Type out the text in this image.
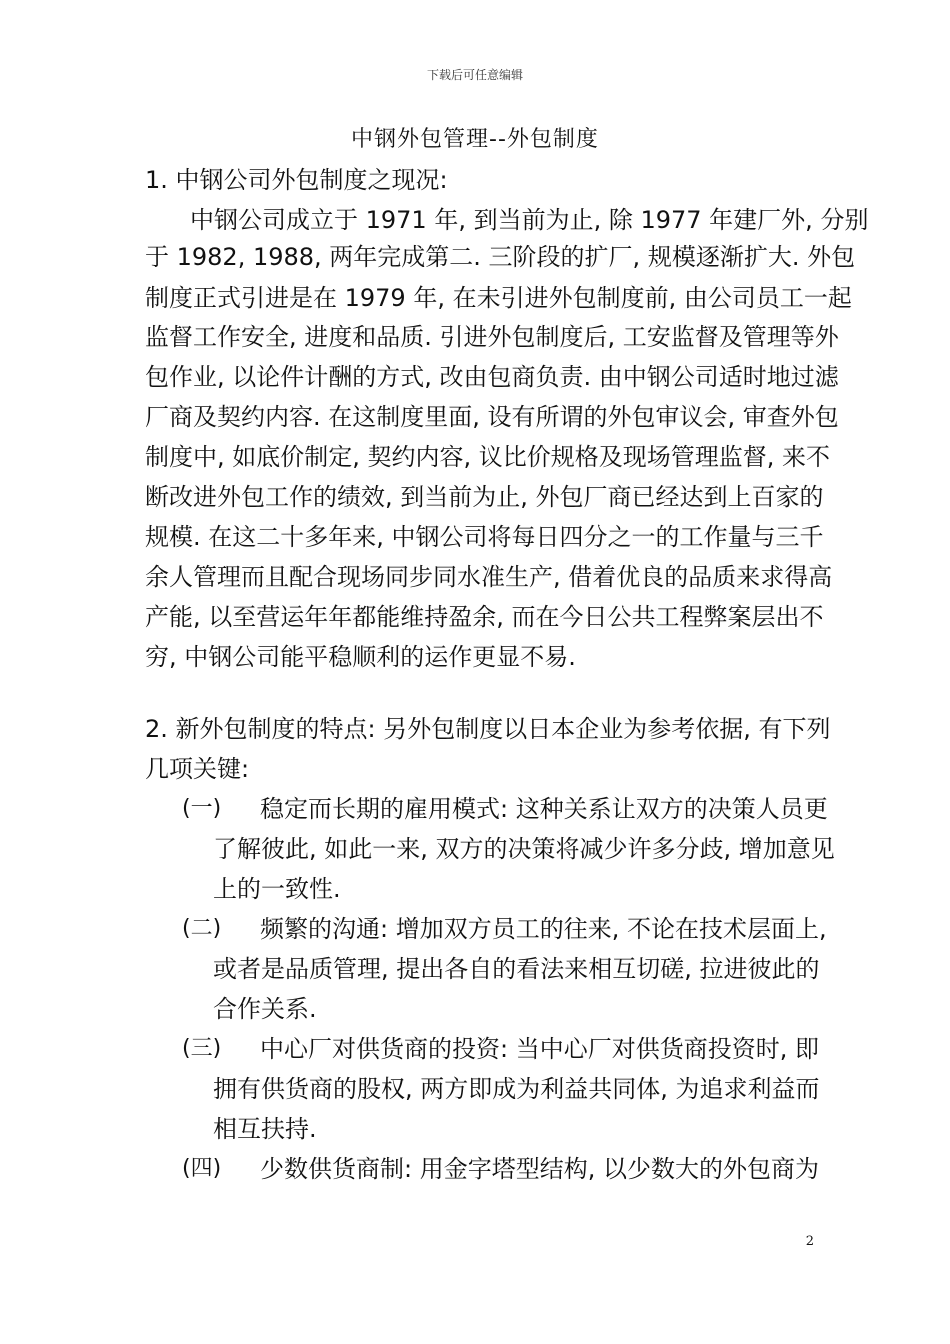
下载后可任意编辑
中钢外包管理--外包制度
1. 中钢公司外包制度之现况:
中钢公司成立于 1971 年, 到当前为止, 除 1977 年建厂外, 分别
于 1982, 1988, 两年完成第二. 三阶段的扩厂, 规模逐渐扩大. 外包
制度正式引进是在 1979 年, 在未引进外包制度前, 由公司员工一起
监督工作安全, 进度和品质. 引进外包制度后, 工安监督及管理等外
包作业, 以论件计酬的方式, 改由包商负责. 由中钢公司适时地过滤
厂商及契约内容. 在这制度里面, 设有所谓的外包审议会, 审查外包
制度中, 如底价制定, 契约内容, 议比价规格及现场管理监督, 来不
断改进外包工作的绩效, 到当前为止, 外包厂商已经达到上百家的
规模. 在这二十多年来, 中钢公司将每日四分之一的工作量与三千
余人管理而且配合现场同步同水准生产, 借着优良的品质来求得高
产能, 以至营运年年都能维持盈余, 而在今日公共工程弊案层出不
穷, 中钢公司能平稳顺利的运作更显不易.
2. 新外包制度的特点: 另外包制度以日本企业为参考依据, 有下列
几项关键:
(一) 稳定而长期的雇用模式: 这种关系让双方的决策人员更
了解彼此, 如此一来, 双方的决策将减少许多分歧, 增加意见
上的一致性.
(二) 频繁的沟通: 增加双方员工的往来, 不论在技术层面上,
或者是品质管理, 提出各自的看法来相互切磋, 拉进彼此的
合作关系.
(三) 中心厂对供货商的投资: 当中心厂对供货商投资时, 即
拥有供货商的股权, 两方即成为利益共同体, 为追求利益而
相互扶持.
(四) 少数供货商制: 用金字塔型结构, 以少数大的外包商为
2
